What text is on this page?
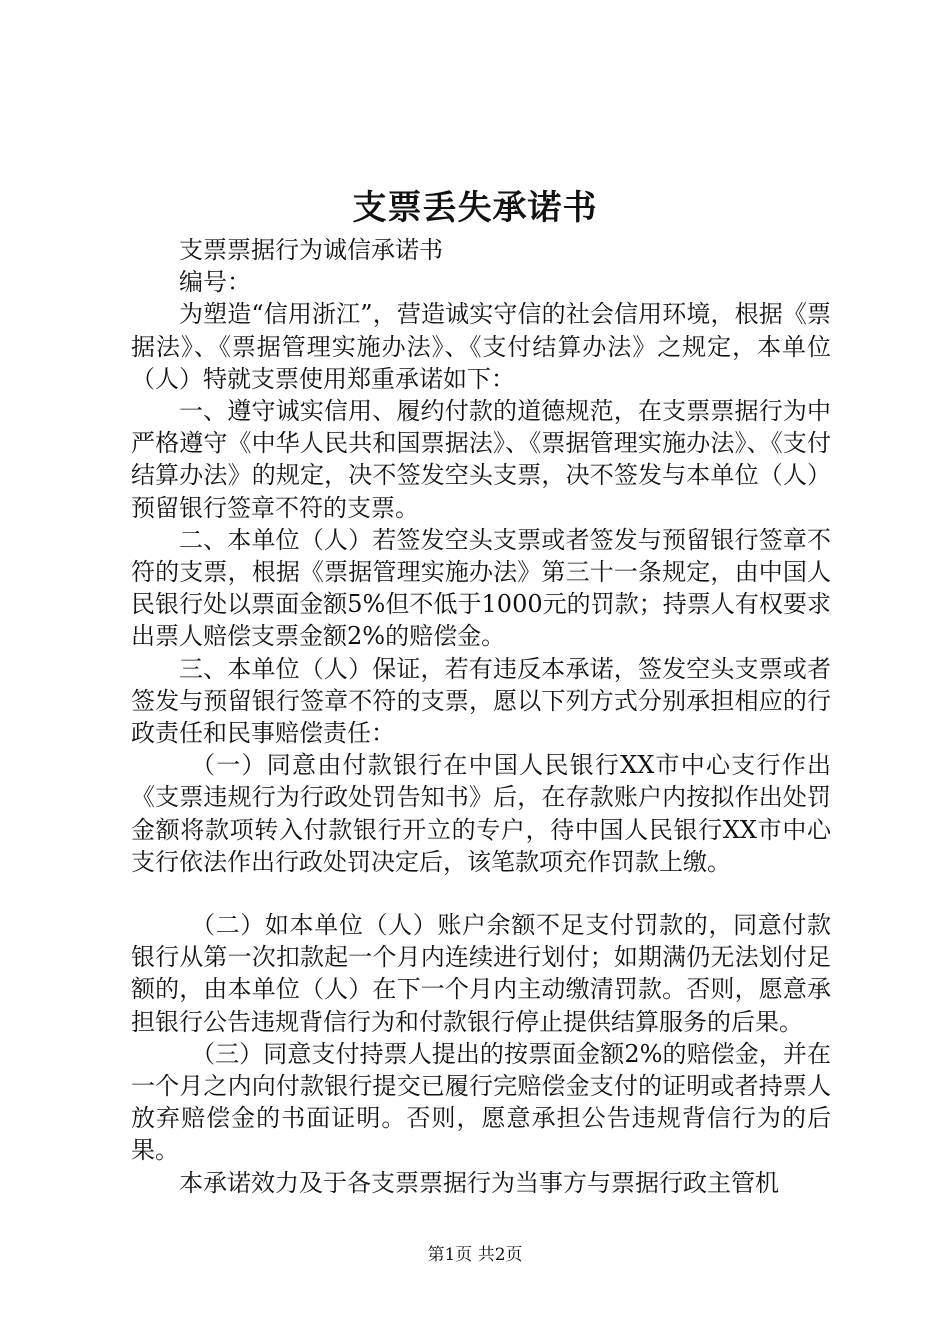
支票丢失承诺书

支票票据行为诚信承诺书

编号：

为塑造“信用浙江”，营造诚实守信的社会信用环境，根据《票据法》、《票据管理实施办法》、《支付结算办法》之规定，本单位（人）特就支票使用郑重承诺如下：

一、遵守诚实信用、履约付款的道德规范，在支票票据行为中严格遵守《中华人民共和国票据法》、《票据管理实施办法》、《支付结算办法》的规定，决不签发空头支票，决不签发与本单位（人）预留银行签章不符的支票。

二、本单位（人）若签发空头支票或者签发与预留银行签章不符的支票，根据《票据管理实施办法》第三十一条规定，由中国人民银行处以票面金额5%但不低于1000元的罚款；持票人有权要求出票人赔偿支票金额2%的赔偿金。

三、本单位（人）保证，若有违反本承诺，签发空头支票或者签发与预留银行签章不符的支票，愿以下列方式分别承担相应的行政责任和民事赔偿责任：

（一）同意由付款银行在中国人民银行XX市中心支行作出《支票违规行为行政处罚告知书》后，在存款账户内按拟作出处罚金额将款项转入付款银行开立的专户，待中国人民银行XX市中心支行依法作出行政处罚决定后，该笔款项充作罚款上缴。

（二）如本单位（人）账户余额不足支付罚款的，同意付款银行从第一次扣款起一个月内连续进行划付；如期满仍无法划付足额的，由本单位（人）在下一个月内主动缴清罚款。否则，愿意承担银行公告违规背信行为和付款银行停止提供结算服务的后果。

（三）同意支付持票人提出的按票面金额2%的赔偿金，并在一个月之内向付款银行提交已履行完赔偿金支付的证明或者持票人放弃赔偿金的书面证明。否则，愿意承担公告违规背信行为的后果。

本承诺效力及于各支票票据行为当事方与票据行政主管机

第1页 共2页
